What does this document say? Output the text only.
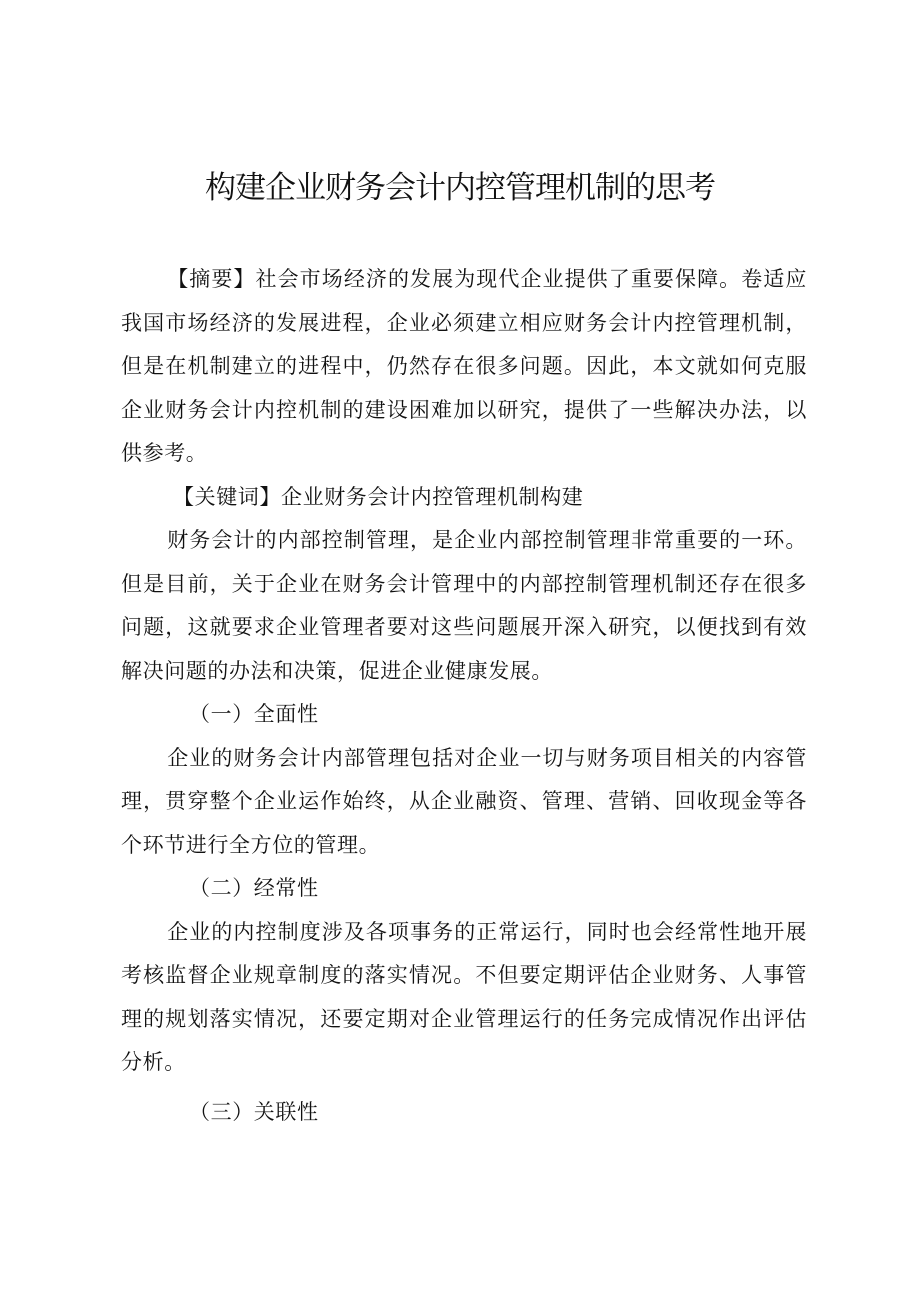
构建企业财务会计内控管理机制的思考

【摘要】社会市场经济的发展为现代企业提供了重要保障。卷适应我国市场经济的发展进程，企业必须建立相应财务会计内控管理机制，但是在机制建立的进程中，仍然存在很多问题。因此，本文就如何克服企业财务会计内控机制的建设困难加以研究，提供了一些解决办法，以供参考。

【关键词】企业财务会计内控管理机制构建

财务会计的内部控制管理，是企业内部控制管理非常重要的一环。但是目前，关于企业在财务会计管理中的内部控制管理机制还存在很多问题，这就要求企业管理者要对这些问题展开深入研究，以便找到有效解决问题的办法和决策，促进企业健康发展。

（一）全面性

企业的财务会计内部管理包括对企业一切与财务项目相关的内容管理，贯穿整个企业运作始终，从企业融资、管理、营销、回收现金等各个环节进行全方位的管理。

（二）经常性

企业的内控制度涉及各项事务的正常运行，同时也会经常性地开展考核监督企业规章制度的落实情况。不但要定期评估企业财务、人事管理的规划落实情况，还要定期对企业管理运行的任务完成情况作出评估分析。

（三）关联性
